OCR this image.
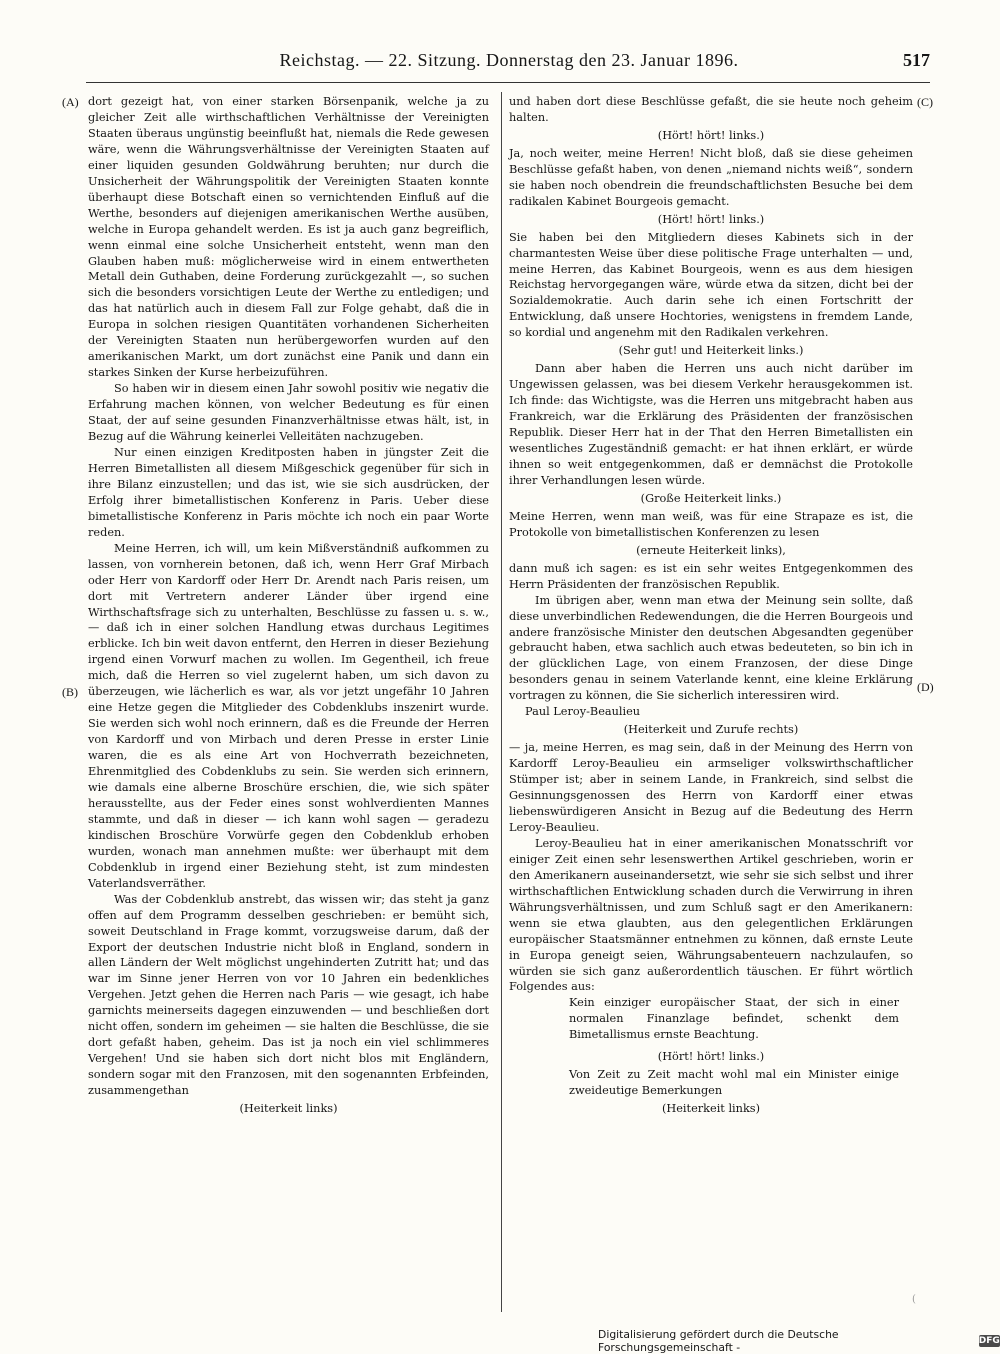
Reichstag. — 22. Sitzung. Donnerstag den 23. Januar 1896.	517
(A)
(B)
(C)
(D)

dort gezeigt hat, von einer starken Börsenpanik, welche ja zu gleicher Zeit alle wirthschaftlichen Verhältnisse der Vereinigten Staaten überaus ungünstig beeinflußt hat, niemals die Rede gewesen wäre, wenn die Währungsverhältnisse der Vereinigten Staaten auf einer liquiden gesunden Goldwährung beruhten; nur durch die Unsicherheit der Währungspolitik der Vereinigten Staaten konnte überhaupt diese Botschaft einen so vernichtenden Einfluß auf die Werthe, besonders auf diejenigen amerikanischen Werthe ausüben, welche in Europa gehandelt werden. Es ist ja auch ganz begreiflich, wenn einmal eine solche Unsicherheit entsteht, wenn man den Glauben haben muß: möglicherweise wird in einem entwertheten Metall dein Guthaben, deine Forderung zurückgezahlt —, so suchen sich die besonders vorsichtigen Leute der Werthe zu entledigen; und das hat natürlich auch in diesem Fall zur Folge gehabt, daß die in Europa in solchen riesigen Quantitäten vorhandenen Sicherheiten der Vereinigten Staaten nun herübergeworfen wurden auf den amerikanischen Markt, um dort zunächst eine Panik und dann ein starkes Sinken der Kurse herbeizuführen.

So haben wir in diesem einen Jahr sowohl positiv wie negativ die Erfahrung machen können, von welcher Bedeutung es für einen Staat, der auf seine gesunden Finanzverhältnisse etwas hält, ist, in Bezug auf die Währung keinerlei Velleitäten nachzugeben.

Nur einen einzigen Kreditposten haben in jüngster Zeit die Herren Bimetallisten all diesem Mißgeschick gegenüber für sich in ihre Bilanz einzustellen; und das ist, wie sie sich ausdrücken, der Erfolg ihrer bimetallistischen Konferenz in Paris. Ueber diese bimetallistische Konferenz in Paris möchte ich noch ein paar Worte reden.

Meine Herren, ich will, um kein Mißverständniß aufkommen zu lassen, von vornherein betonen, daß ich, wenn Herr Graf Mirbach oder Herr von Kardorff oder Herr Dr. Arendt nach Paris reisen, um dort mit Vertretern anderer Länder über irgend eine Wirthschaftsfrage sich zu unterhalten, Beschlüsse zu fassen u. s. w., — daß ich in einer solchen Handlung etwas durchaus Legitimes erblicke. Ich bin weit davon entfernt, den Herren in dieser Beziehung irgend einen Vorwurf machen zu wollen. Im Gegentheil, ich freue mich, daß die Herren so viel zugelernt haben, um sich davon zu überzeugen, wie lächerlich es war, als vor jetzt ungefähr 10 Jahren eine Hetze gegen die Mitglieder des Cobdenklubs inszenirt wurde. Sie werden sich wohl noch erinnern, daß es die Freunde der Herren von Kardorff und von Mirbach und deren Presse in erster Linie waren, die es als eine Art von Hochverrath bezeichneten, Ehrenmitglied des Cobdenklubs zu sein. Sie werden sich erinnern, wie damals eine alberne Broschüre erschien, die, wie sich später herausstellte, aus der Feder eines sonst wohlverdienten Mannes stammte, und daß in dieser — ich kann wohl sagen — geradezu kindischen Broschüre Vorwürfe gegen den Cobdenklub erhoben wurden, wonach man annehmen mußte: wer überhaupt mit dem Cobdenklub in irgend einer Beziehung steht, ist zum mindesten Vaterlandsverräther.

Was der Cobdenklub anstrebt, das wissen wir; das steht ja ganz offen auf dem Programm desselben geschrieben: er bemüht sich, soweit Deutschland in Frage kommt, vorzugsweise darum, daß der Export der deutschen Industrie nicht bloß in England, sondern in allen Ländern der Welt möglichst ungehinderten Zutritt hat; und das war im Sinne jener Herren von vor 10 Jahren ein bedenkliches Vergehen. Jetzt gehen die Herren nach Paris — wie gesagt, ich habe garnichts meinerseits dagegen einzuwenden — und beschließen dort nicht offen, sondern im geheimen — sie halten die Beschlüsse, die sie dort gefaßt haben, geheim. Das ist ja noch ein viel schlimmeres Vergehen! Und sie haben sich dort nicht blos mit Engländern, sondern sogar mit den Franzosen, mit den sogenannten Erbfeinden, zusammengethan

(Heiterkeit links)

und haben dort diese Beschlüsse gefaßt, die sie heute noch geheim halten.

(Hört! hört! links.)

Ja, noch weiter, meine Herren! Nicht bloß, daß sie diese geheimen Beschlüsse gefaßt haben, von denen „niemand nichts weiß“, sondern sie haben noch obendrein die freundschaftlichsten Besuche bei dem radikalen Kabinet Bourgeois gemacht.

(Hört! hört! links.)

Sie haben bei den Mitgliedern dieses Kabinets sich in der charmantesten Weise über diese politische Frage unterhalten — und, meine Herren, das Kabinet Bourgeois, wenn es aus dem hiesigen Reichstag hervorgegangen wäre, würde etwa da sitzen, dicht bei der Sozialdemokratie. Auch darin sehe ich einen Fortschritt der Entwicklung, daß unsere Hochtories, wenigstens in fremdem Lande, so kordial und angenehm mit den Radikalen verkehren.

(Sehr gut! und Heiterkeit links.)

Dann aber haben die Herren uns auch nicht darüber im Ungewissen gelassen, was bei diesem Verkehr herausgekommen ist. Ich finde: das Wichtigste, was die Herren uns mitgebracht haben aus Frankreich, war die Erklärung des Präsidenten der französischen Republik. Dieser Herr hat in der That den Herren Bimetallisten ein wesentliches Zugeständniß gemacht: er hat ihnen erklärt, er würde ihnen so weit entgegenkommen, daß er demnächst die Protokolle ihrer Verhandlungen lesen würde.

(Große Heiterkeit links.)

Meine Herren, wenn man weiß, was für eine Strapaze es ist, die Protokolle von bimetallistischen Konferenzen zu lesen

(erneute Heiterkeit links),

dann muß ich sagen: es ist ein sehr weites Entgegenkommen des Herrn Präsidenten der französischen Republik.

Im übrigen aber, wenn man etwa der Meinung sein sollte, daß diese unverbindlichen Redewendungen, die die Herren Bourgeois und andere französische Minister den deutschen Abgesandten gegenüber gebraucht haben, etwa sachlich auch etwas bedeuteten, so bin ich in der glücklichen Lage, von einem Franzosen, der diese Dinge besonders genau in seinem Vaterlande kennt, eine kleine Erklärung vortragen zu können, die Sie sicherlich interessiren wird.

Paul Leroy-Beaulieu

(Heiterkeit und Zurufe rechts)

— ja, meine Herren, es mag sein, daß in der Meinung des Herrn von Kardorff Leroy-Beaulieu ein armseliger volkswirthschaftlicher Stümper ist; aber in seinem Lande, in Frankreich, sind selbst die Gesinnungsgenossen des Herrn von Kardorff einer etwas liebenswürdigeren Ansicht in Bezug auf die Bedeutung des Herrn Leroy-Beaulieu.

Leroy-Beaulieu hat in einer amerikanischen Monatsschrift vor einiger Zeit einen sehr lesenswerthen Artikel geschrieben, worin er den Amerikanern auseinandersetzt, wie sehr sie sich selbst und ihrer wirthschaftlichen Entwicklung schaden durch die Verwirrung in ihren Währungsverhältnissen, und zum Schluß sagt er den Amerikanern: wenn sie etwa glaubten, aus den gelegentlichen Erklärungen europäischer Staatsmänner entnehmen zu können, daß ernste Leute in Europa geneigt seien, Währungsabenteuern nachzulaufen, so würden sie sich ganz außerordentlich täuschen. Er führt wörtlich Folgendes aus:

Kein einziger europäischer Staat, der sich in einer normalen Finanzlage befindet, schenkt dem Bimetallismus ernste Beachtung.

(Hört! hört! links.)

Von Zeit zu Zeit macht wohl mal ein Minister einige zweideutige Bemerkungen

(Heiterkeit links)

(
Digitalisierung gefördert durch die Deutsche Forschungsgemeinschaft -	DFG
